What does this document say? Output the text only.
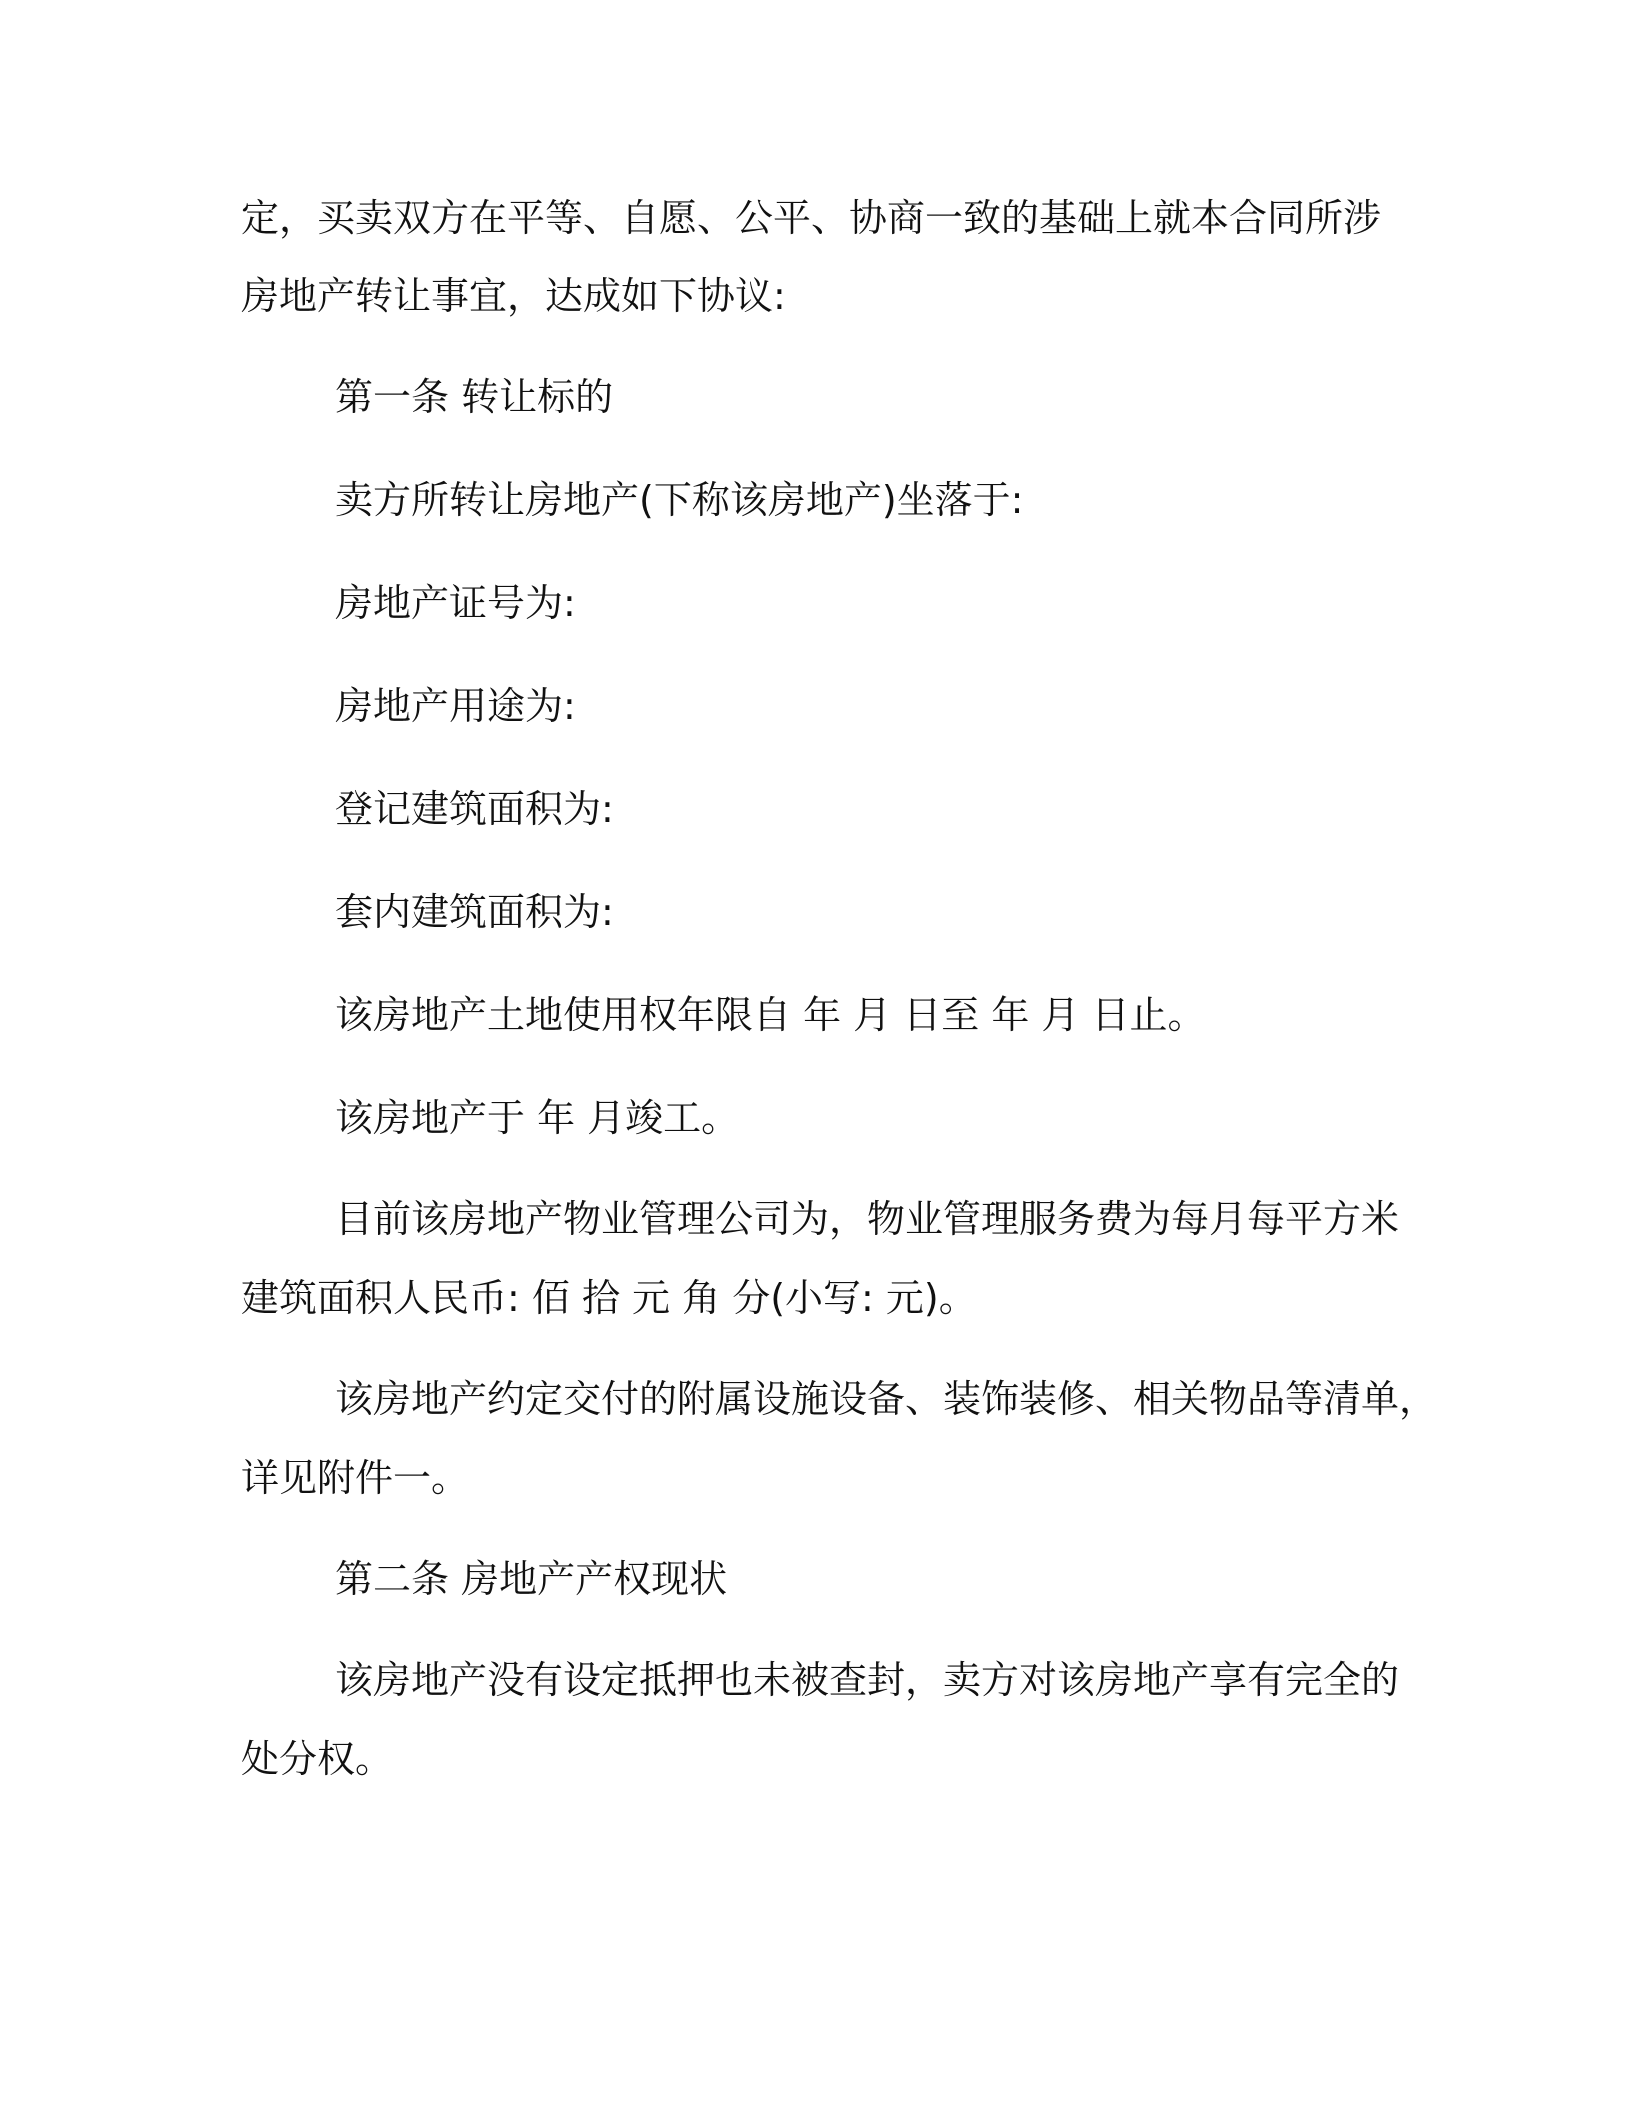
定，买卖双方在平等、自愿、公平、协商一致的基础上就本合同所涉
房地产转让事宜，达成如下协议:
第一条 转让标的
卖方所转让房地产(下称该房地产)坐落于:
房地产证号为:
房地产用途为:
登记建筑面积为:
套内建筑面积为:
该房地产土地使用权年限自 年 月 日至 年 月 日止。
该房地产于 年 月竣工。
目前该房地产物业管理公司为，物业管理服务费为每月每平方米
建筑面积人民币: 佰 拾 元 角 分(小写: 元)。
该房地产约定交付的附属设施设备、装饰装修、相关物品等清单，
详见附件一。
第二条 房地产产权现状
该房地产没有设定抵押也未被查封，卖方对该房地产享有完全的
处分权。
